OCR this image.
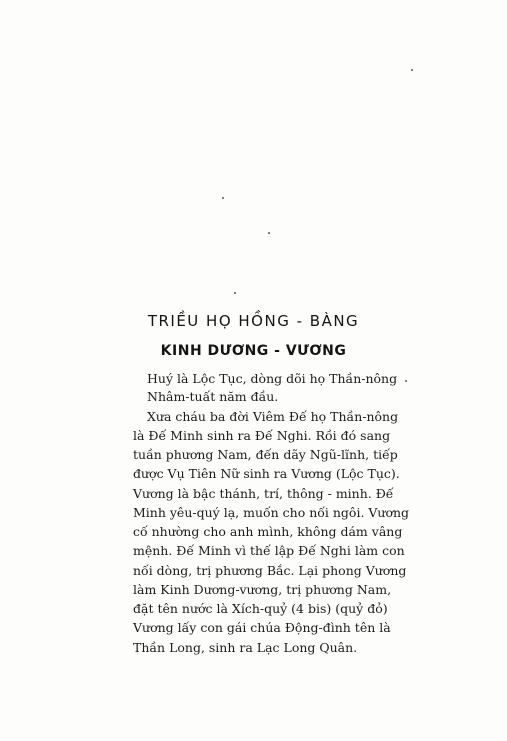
TRIỀU HỌ HỒNG - BÀNG
KINH DƯƠNG - VƯƠNG
Huý là Lộc Tục, dòng dõi họ Thần-nông
Nhâm-tuất năm đầu.
Xưa cháu ba đời Viêm Đế họ Thần-nông
là Đế Minh sinh ra Đế Nghi. Rồi đó sang
tuần phương Nam, đến dãy Ngũ-lĩnh, tiếp
được Vụ Tiên Nữ sinh ra Vương (Lộc Tục).
Vương là bậc thánh, trí, thông - minh. Đế
Minh yêu-quý lạ, muốn cho nối ngôi. Vương
cố nhường cho anh mình, không dám vâng
mệnh. Đế Minh vì thế lập Đế Nghi làm con
nối dòng, trị phương Bắc. Lại phong Vương
làm Kinh Dương-vương, trị phương Nam,
đặt tên nước là Xích-quỷ (4 bis) (quỷ đỏ)
Vương lấy con gái chúa Động-đình tên là
Thần Long, sinh ra Lạc Long Quân.
